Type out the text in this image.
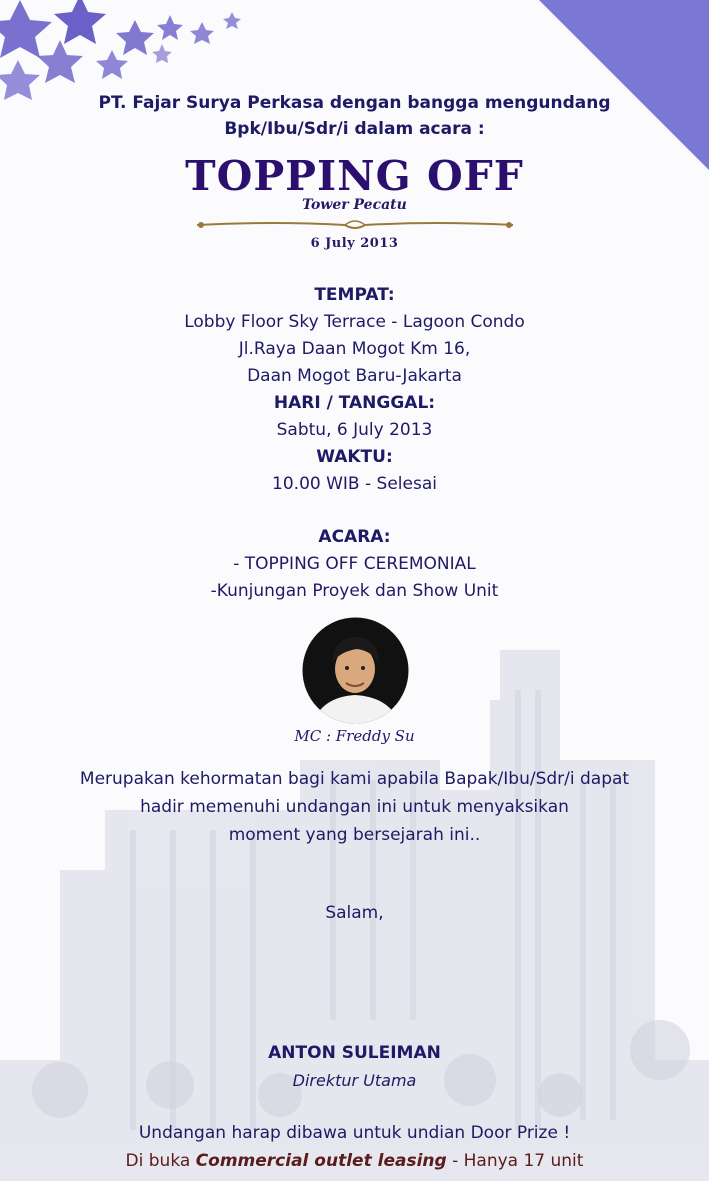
PT. Fajar Surya Perkasa dengan bangga mengundang
Bpk/Ibu/Sdr/i dalam acara :
TOPPING OFF
Tower Pecatu
6 July 2013
TEMPAT:
Lobby Floor Sky Terrace - Lagoon Condo
Jl.Raya Daan Mogot Km 16,
Daan Mogot Baru-Jakarta
HARI / TANGGAL:
Sabtu, 6 July 2013
WAKTU:
10.00 WIB - Selesai
ACARA:
- TOPPING OFF CEREMONIAL
-Kunjungan Proyek dan Show Unit
MC : Freddy Su
Merupakan kehormatan bagi kami apabila Bapak/Ibu/Sdr/i dapat
hadir memenuhi undangan ini untuk menyaksikan
moment yang bersejarah ini..
Salam,
ANTON SULEIMAN
Direktur Utama
Undangan harap dibawa untuk undian Door Prize !
Di buka Commercial outlet leasing - Hanya 17 unit
